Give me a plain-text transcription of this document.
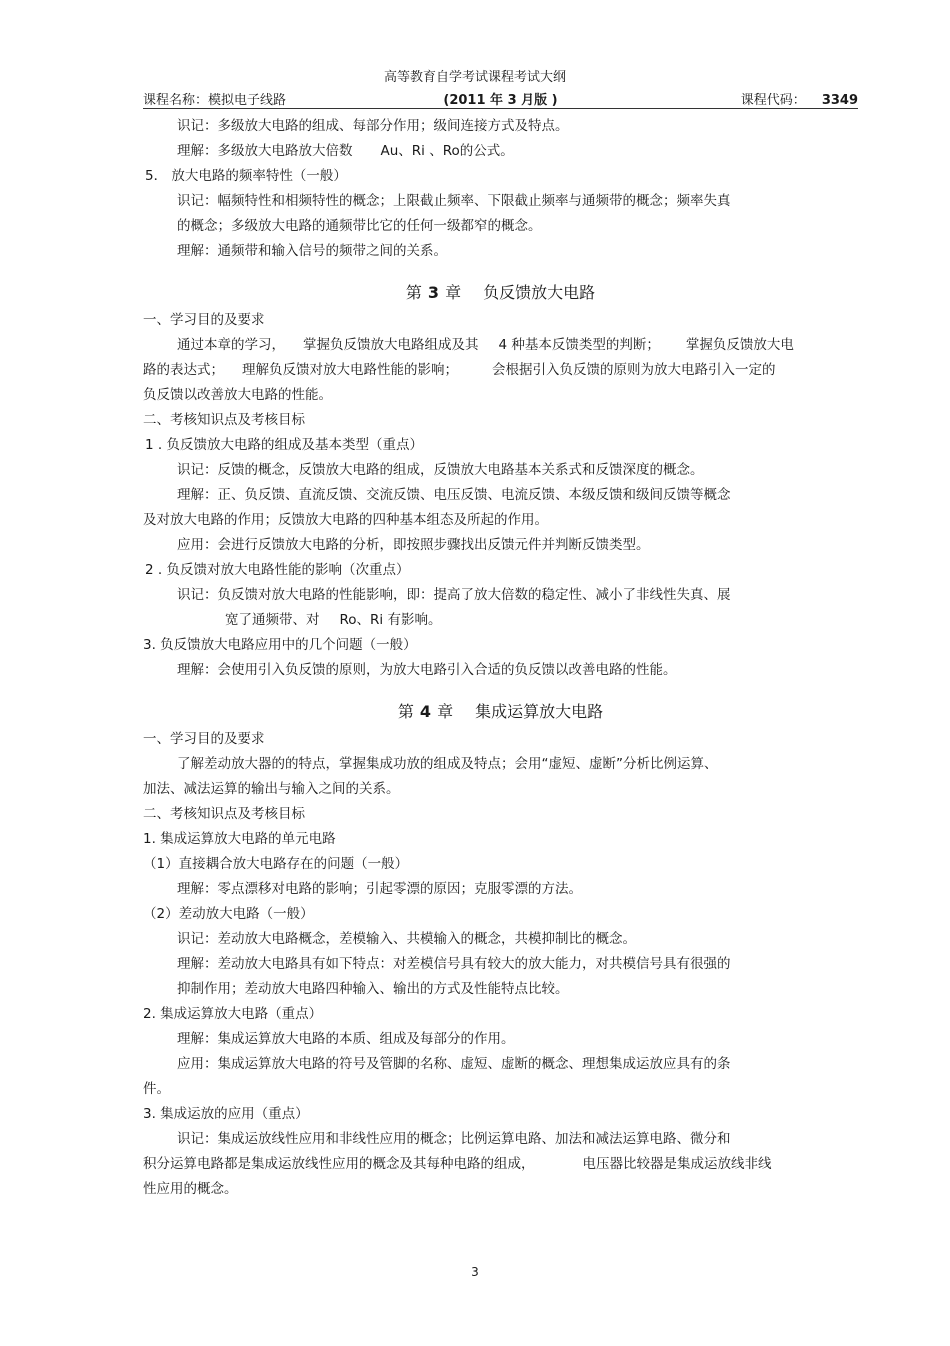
高等教育自学考试课程考试大纲
课程名称：模拟电子线路	(2011 年 3 月版 )	课程代码： 3349
识记：多级放大电路的组成、每部分作用；级间连接方式及特点。
理解：多级放大电路放大倍数 Au、Ri 、Ro的公式。
5． 放大电路的频率特性（一般）
识记：幅频特性和相频特性的概念；上限截止频率、下限截止频率与通频带的概念；频率失真
的概念；多级放大电路的通频带比它的任何一级都窄的概念。
理解：通频带和输入信号的频带之间的关系。
第 3 章 负反馈放大电路
一、学习目的及要求
通过本章的学习， 掌握负反馈放大电路组成及其 4 种基本反馈类型的判断； 掌握负反馈放大电
路的表达式； 理解负反馈对放大电路性能的影响；	会根据引入负反馈的原则为放大电路引入一定的
负反馈以改善放大电路的性能。
二、考核知识点及考核目标
1 . 负反馈放大电路的组成及基本类型（重点）
识记：反馈的概念，反馈放大电路的组成，反馈放大电路基本关系式和反馈深度的概念。
理解：正、负反馈、直流反馈、交流反馈、电压反馈、电流反馈、本级反馈和级间反馈等概念
及对放大电路的作用；反馈放大电路的四种基本组态及所起的作用。
应用：会进行反馈放大电路的分析，即按照步骤找出反馈元件并判断反馈类型。
2 . 负反馈对放大电路性能的影响（次重点）
识记：负反馈对放大电路的性能影响，即：提高了放大倍数的稳定性、减小了非线性失真、展
宽了通频带、对 Ro、Ri 有影响。
3. 负反馈放大电路应用中的几个问题（一般）
理解：会使用引入负反馈的原则，为放大电路引入合适的负反馈以改善电路的性能。
第 4 章 集成运算放大电路
一、学习目的及要求
了解差动放大器的的特点，掌握集成功放的组成及特点；会用“虚短、虚断”分析比例运算、
加法、减法运算的输出与输入之间的关系。
二、考核知识点及考核目标
1. 集成运算放大电路的单元电路
（1）直接耦合放大电路存在的问题（一般）
理解：零点漂移对电路的影响；引起零漂的原因；克服零漂的方法。
（2）差动放大电路（一般）
识记：差动放大电路概念，差模输入、共模输入的概念，共模抑制比的概念。
理解：差动放大电路具有如下特点：对差模信号具有较大的放大能力，对共模信号具有很强的
抑制作用；差动放大电路四种输入、输出的方式及性能特点比较。
2. 集成运算放大电路（重点）
理解：集成运算放大电路的本质、组成及每部分的作用。
应用：集成运算放大电路的符号及管脚的名称、虚短、虚断的概念、理想集成运放应具有的条
件。
3. 集成运放的应用（重点）
识记：集成运放线性应用和非线性应用的概念；比例运算电路、加法和减法运算电路、微分和
积分运算电路都是集成运放线性应用的概念及其每种电路的组成，	电压器比较器是集成运放线非线
性应用的概念。
3
